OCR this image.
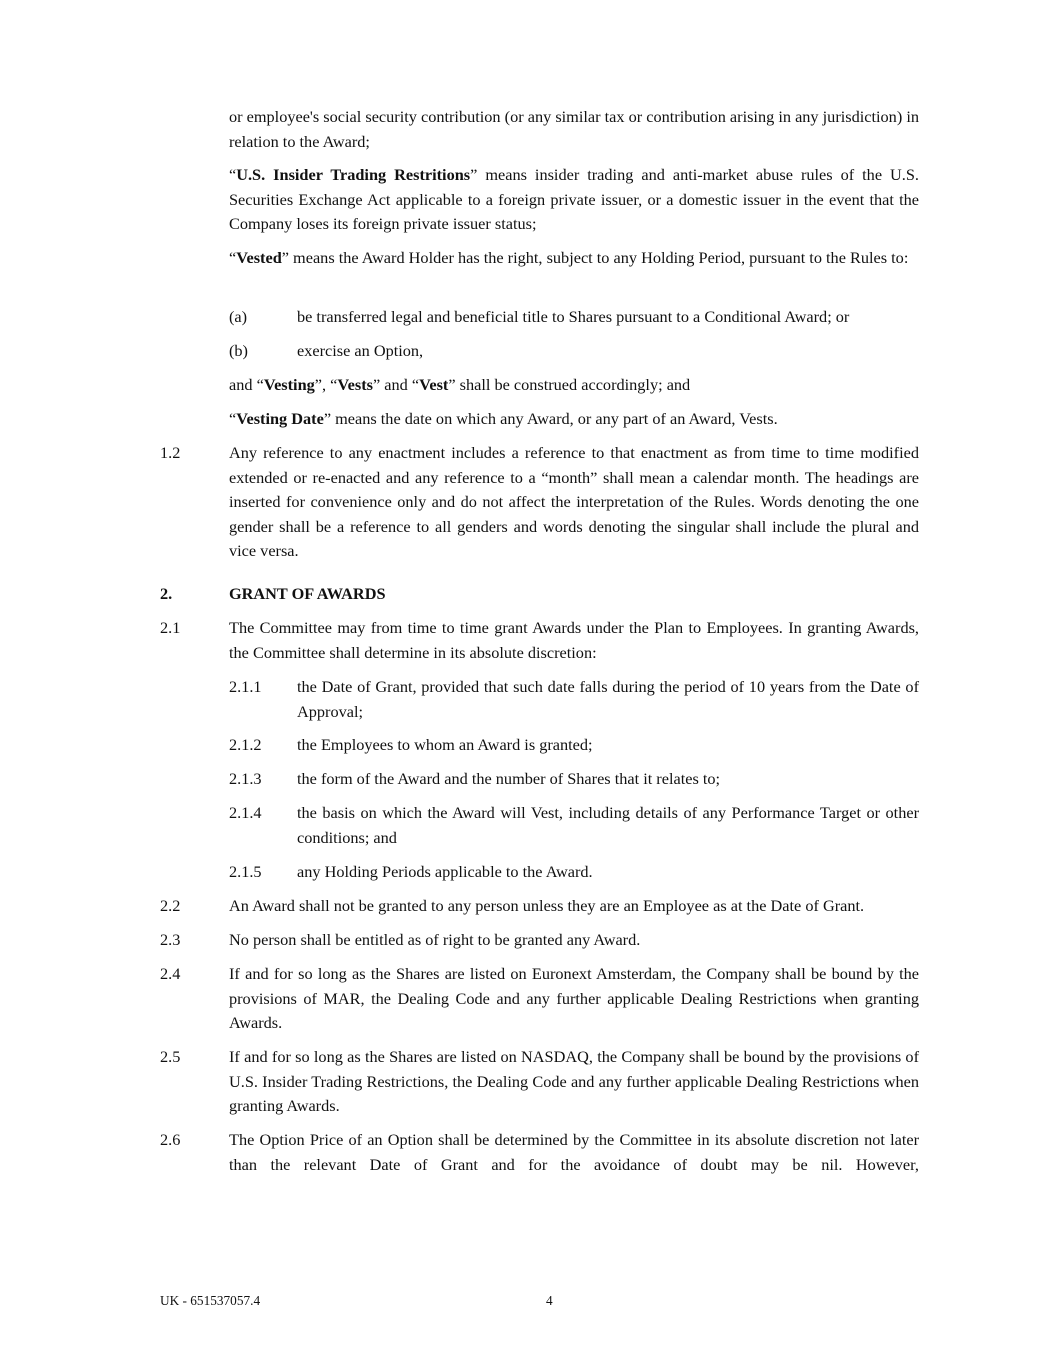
or employee's social security contribution (or any similar tax or contribution arising in any jurisdiction) in relation to the Award;

“U.S. Insider Trading Restritions” means insider trading and anti-market abuse rules of the U.S. Securities Exchange Act applicable to a foreign private issuer, or a domestic issuer in the event that the Company loses its foreign private issuer status;

“Vested” means the Award Holder has the right, subject to any Holding Period, pursuant to the Rules to:

(a)	be transferred legal and beneficial title to Shares pursuant to a Conditional Award; or

(b)	exercise an Option,

and “Vesting”, “Vests” and “Vest” shall be construed accordingly; and

“Vesting Date” means the date on which any Award, or any part of an Award, Vests.

1.2	Any reference to any enactment includes a reference to that enactment as from time to time modified extended or re-enacted and any reference to a “month” shall mean a calendar month. The headings are inserted for convenience only and do not affect the interpretation of the Rules. Words denoting the one gender shall be a reference to all genders and words denoting the singular shall include the plural and vice versa.

2.	GRANT OF AWARDS
2.1	The Committee may from time to time grant Awards under the Plan to Employees. In granting Awards, the Committee shall determine in its absolute discretion:

2.1.1 the Date of Grant, provided that such date falls during the period of 10 years from the Date of Approval;

2.1.2 the Employees to whom an Award is granted;

2.1.3 the form of the Award and the number of Shares that it relates to;

2.1.4 the basis on which the Award will Vest, including details of any Performance Target or other conditions; and

2.1.5 any Holding Periods applicable to the Award.

2.2	An Award shall not be granted to any person unless they are an Employee as at the Date of Grant.

2.3	No person shall be entitled as of right to be granted any Award.

2.4	If and for so long as the Shares are listed on Euronext Amsterdam, the Company shall be bound by the provisions of MAR, the Dealing Code and any further applicable Dealing Restrictions when granting Awards.

2.5	If and for so long as the Shares are listed on NASDAQ, the Company shall be bound by the provisions of U.S. Insider Trading Restrictions, the Dealing Code and any further applicable Dealing Restrictions when granting Awards.

2.6	The Option Price of an Option shall be determined by the Committee in its absolute discretion not later than the relevant Date of Grant and for the avoidance of doubt may be nil. However,

UK - 651537057.4	4
